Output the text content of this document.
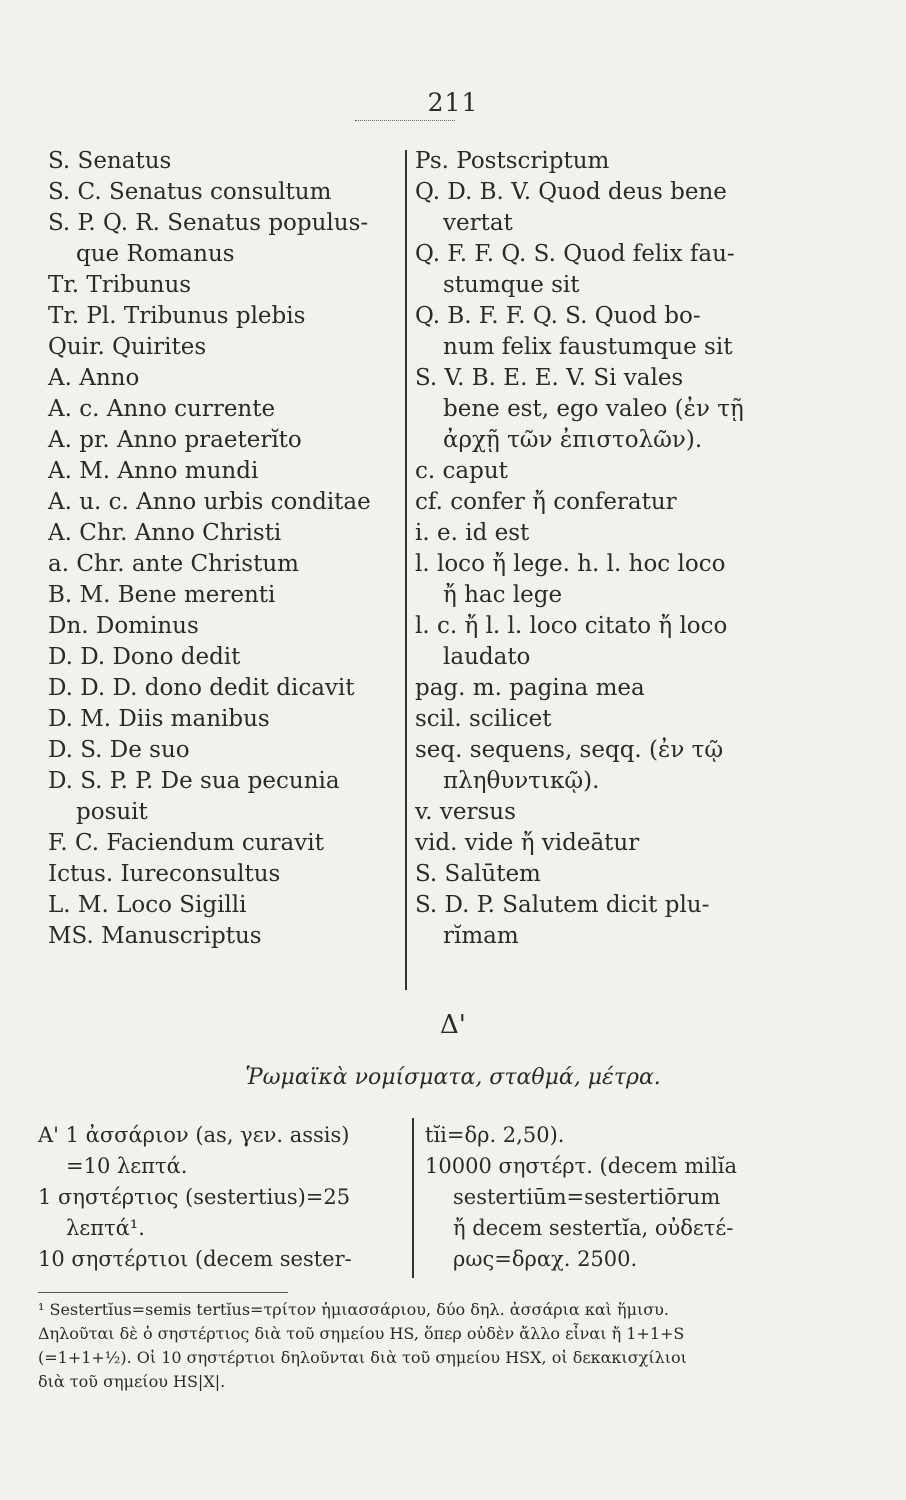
211
S. Senatus
S. C. Senatus consultum
S. P. Q. R. Senatus populus-
que Romanus
Tr. Tribunus
Tr. Pl. Tribunus plebis
Quir. Quirites
A. Anno
A. c. Anno currente
A. pr. Anno praeterĭto
A. M. Anno mundi
A. u. c. Anno urbis conditae
A. Chr. Anno Christi
a. Chr. ante Christum
B. M. Bene merenti
Dn. Dominus
D. D. Dono dedit
D. D. D. dono dedit dicavit
D. M. Diis manibus
D. S. De suo
D. S. P. P. De sua pecunia
posuit
F. C. Faciendum curavit
Ictus. Iureconsultus
L. M. Loco Sigilli
MS. Manuscriptus
Ps. Postscriptum
Q. D. B. V. Quod deus bene
vertat
Q. F. F. Q. S. Quod felix fau-
stumque sit
Q. B. F. F. Q. S. Quod bo-
num felix faustumque sit
S. V. B. E. E. V. Si vales
bene est, ego valeo (ἐν τῇ
ἀρχῇ τῶν ἐπιστολῶν).
c. caput
cf. confer ἤ conferatur
i. e. id est
l. loco ἤ lege. h. l. hoc loco
ἤ hac lege
l. c. ἤ l. l. loco citato ἤ loco
laudato
pag. m. pagina mea
scil. scilicet
seq. sequens, seqq. (ἐν τῷ
πληθυντικῷ).
v. versus
vid. vide ἤ videātur
S. Salūtem
S. D. P. Salutem dicit plu-
rĭmam
Δ'
Ῥωμαϊκὰ νομίσματα, σταθμά, μέτρα.
Α' 1 ἀσσάριον (as, γεν. assis)
=10 λεπτά.
1 σηστέρτιος (sestertius)=25
λεπτά¹.
10 σηστέρτιοι (decem sester-
tĭi=δρ. 2,50).
10000 σηστέρτ. (decem milĭa
sestertiūm=sestertiōrum
ἤ decem sestertĭa, οὐδετέ-
ρως=δραχ. 2500.
¹ Sestertĭus=semis tertĭus=τρίτον ἡμιασσάριου, δύο δηλ. ἀσσάρια καὶ ἥμισυ.
Δηλοῦται δὲ ὁ σηστέρτιος διὰ τοῦ σημείου HS, ὅπερ οὐδὲν ἄλλο εἶναι ἤ 1+1+S
(=1+1+½). Οἱ 10 σηστέρτιοι δηλοῦνται διὰ τοῦ σημείου HSX, οἱ δεκακισχίλιοι
διὰ τοῦ σημείου HS|X|.
